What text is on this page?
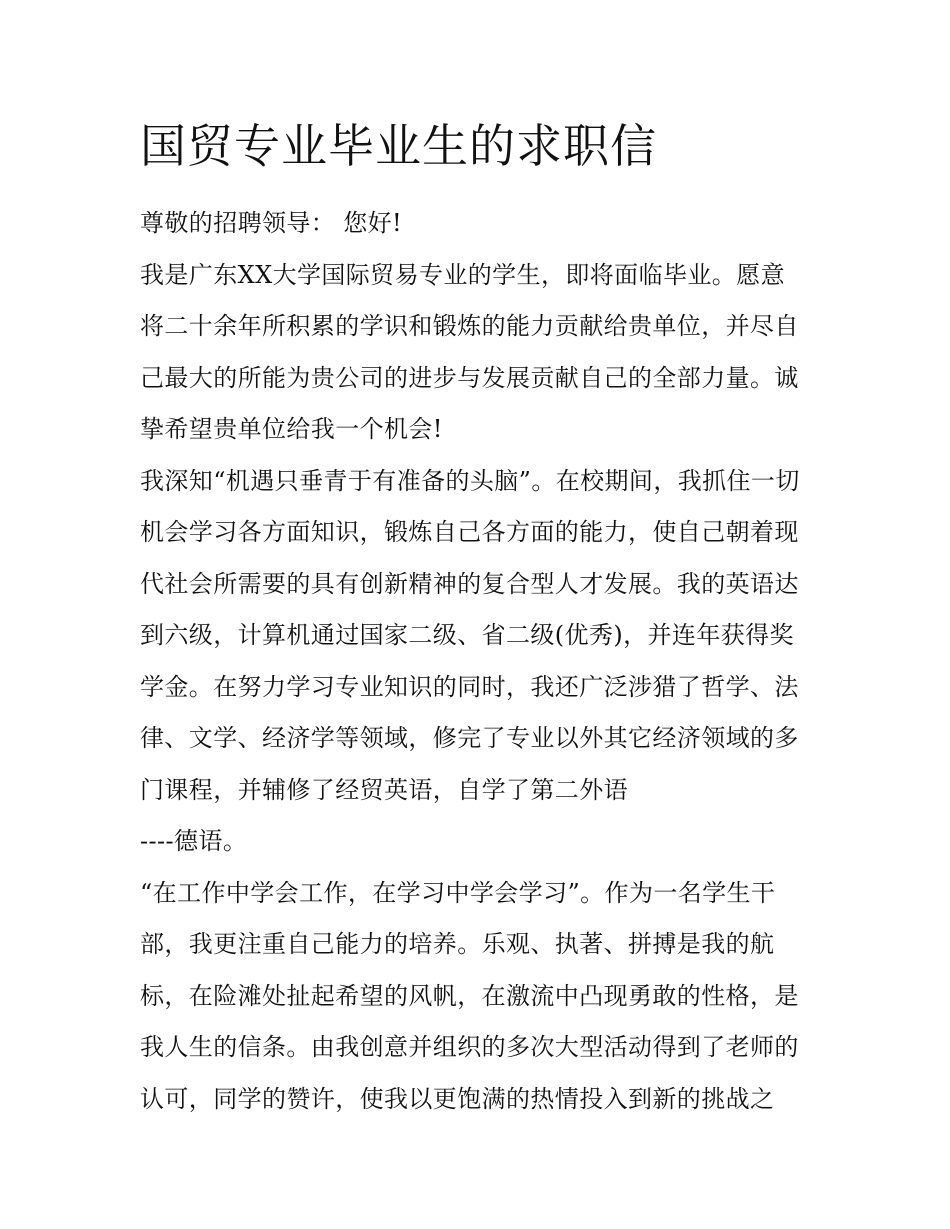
国贸专业毕业生的求职信
尊敬的招聘领导： 您好!
我是广东XX大学国际贸易专业的学生，即将面临毕业。愿意
将二十余年所积累的学识和锻炼的能力贡献给贵单位，并尽自
己最大的所能为贵公司的进步与发展贡献自己的全部力量。诚
挚希望贵单位给我一个机会!
我深知“机遇只垂青于有准备的头脑”。在校期间，我抓住一切
机会学习各方面知识，锻炼自己各方面的能力，使自己朝着现
代社会所需要的具有创新精神的复合型人才发展。我的英语达
到六级，计算机通过国家二级、省二级(优秀)，并连年获得奖
学金。在努力学习专业知识的同时，我还广泛涉猎了哲学、法
律、文学、经济学等领域，修完了专业以外其它经济领域的多
门课程，并辅修了经贸英语，自学了第二外语
----德语。
“在工作中学会工作，在学习中学会学习”。作为一名学生干
部，我更注重自己能力的培养。乐观、执著、拼搏是我的航
标，在险滩处扯起希望的风帆，在激流中凸现勇敢的性格，是
我人生的信条。由我创意并组织的多次大型活动得到了老师的
认可，同学的赞许，使我以更饱满的热情投入到新的挑战之
